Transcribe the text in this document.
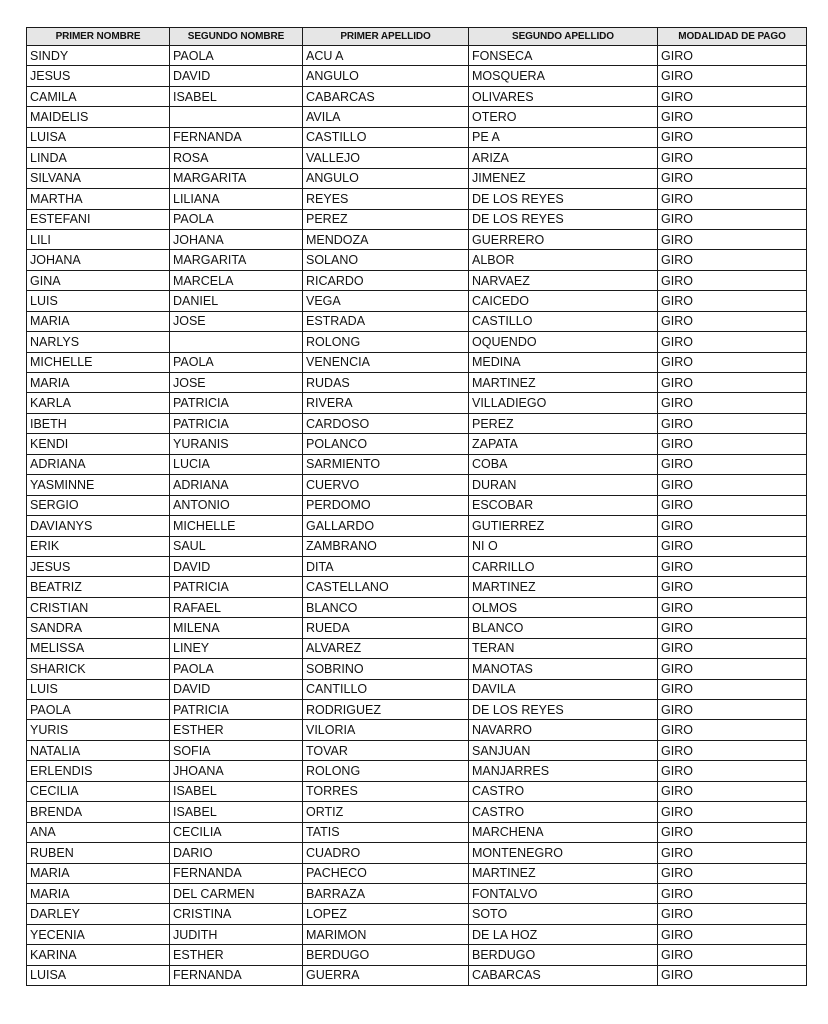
PRIMER NOMBRE	SEGUNDO NOMBRE	PRIMER APELLIDO	SEGUNDO APELLIDO	MODALIDAD DE PAGO
SINDY	PAOLA	ACU A	FONSECA	GIRO
JESUS	DAVID	ANGULO	MOSQUERA	GIRO
CAMILA	ISABEL	CABARCAS	OLIVARES	GIRO
MAIDELIS		AVILA	OTERO	GIRO
LUISA	FERNANDA	CASTILLO	PE A	GIRO
LINDA	ROSA	VALLEJO	ARIZA	GIRO
SILVANA	MARGARITA	ANGULO	JIMENEZ	GIRO
MARTHA	LILIANA	REYES	DE LOS REYES	GIRO
ESTEFANI	PAOLA	PEREZ	DE LOS REYES	GIRO
LILI	JOHANA	MENDOZA	GUERRERO	GIRO
JOHANA	MARGARITA	SOLANO	ALBOR	GIRO
GINA	MARCELA	RICARDO	NARVAEZ	GIRO
LUIS	DANIEL	VEGA	CAICEDO	GIRO
MARIA	JOSE	ESTRADA	CASTILLO	GIRO
NARLYS		ROLONG	OQUENDO	GIRO
MICHELLE	PAOLA	VENENCIA	MEDINA	GIRO
MARIA	JOSE	RUDAS	MARTINEZ	GIRO
KARLA	PATRICIA	RIVERA	VILLADIEGO	GIRO
IBETH	PATRICIA	CARDOSO	PEREZ	GIRO
KENDI	YURANIS	POLANCO	ZAPATA	GIRO
ADRIANA	LUCIA	SARMIENTO	COBA	GIRO
YASMINNE	ADRIANA	CUERVO	DURAN	GIRO
SERGIO	ANTONIO	PERDOMO	ESCOBAR	GIRO
DAVIANYS	MICHELLE	GALLARDO	GUTIERREZ	GIRO
ERIK	SAUL	ZAMBRANO	NI O	GIRO
JESUS	DAVID	DITA	CARRILLO	GIRO
BEATRIZ	PATRICIA	CASTELLANO	MARTINEZ	GIRO
CRISTIAN	RAFAEL	BLANCO	OLMOS	GIRO
SANDRA	MILENA	RUEDA	BLANCO	GIRO
MELISSA	LINEY	ALVAREZ	TERAN	GIRO
SHARICK	PAOLA	SOBRINO	MANOTAS	GIRO
LUIS	DAVID	CANTILLO	DAVILA	GIRO
PAOLA	PATRICIA	RODRIGUEZ	DE LOS REYES	GIRO
YURIS	ESTHER	VILORIA	NAVARRO	GIRO
NATALIA	SOFIA	TOVAR	SANJUAN	GIRO
ERLENDIS	JHOANA	ROLONG	MANJARRES	GIRO
CECILIA	ISABEL	TORRES	CASTRO	GIRO
BRENDA	ISABEL	ORTIZ	CASTRO	GIRO
ANA	CECILIA	TATIS	MARCHENA	GIRO
RUBEN	DARIO	CUADRO	MONTENEGRO	GIRO
MARIA	FERNANDA	PACHECO	MARTINEZ	GIRO
MARIA	DEL CARMEN	BARRAZA	FONTALVO	GIRO
DARLEY	CRISTINA	LOPEZ	SOTO	GIRO
YECENIA	JUDITH	MARIMON	DE LA HOZ	GIRO
KARINA	ESTHER	BERDUGO	BERDUGO	GIRO
LUISA	FERNANDA	GUERRA	CABARCAS	GIRO
